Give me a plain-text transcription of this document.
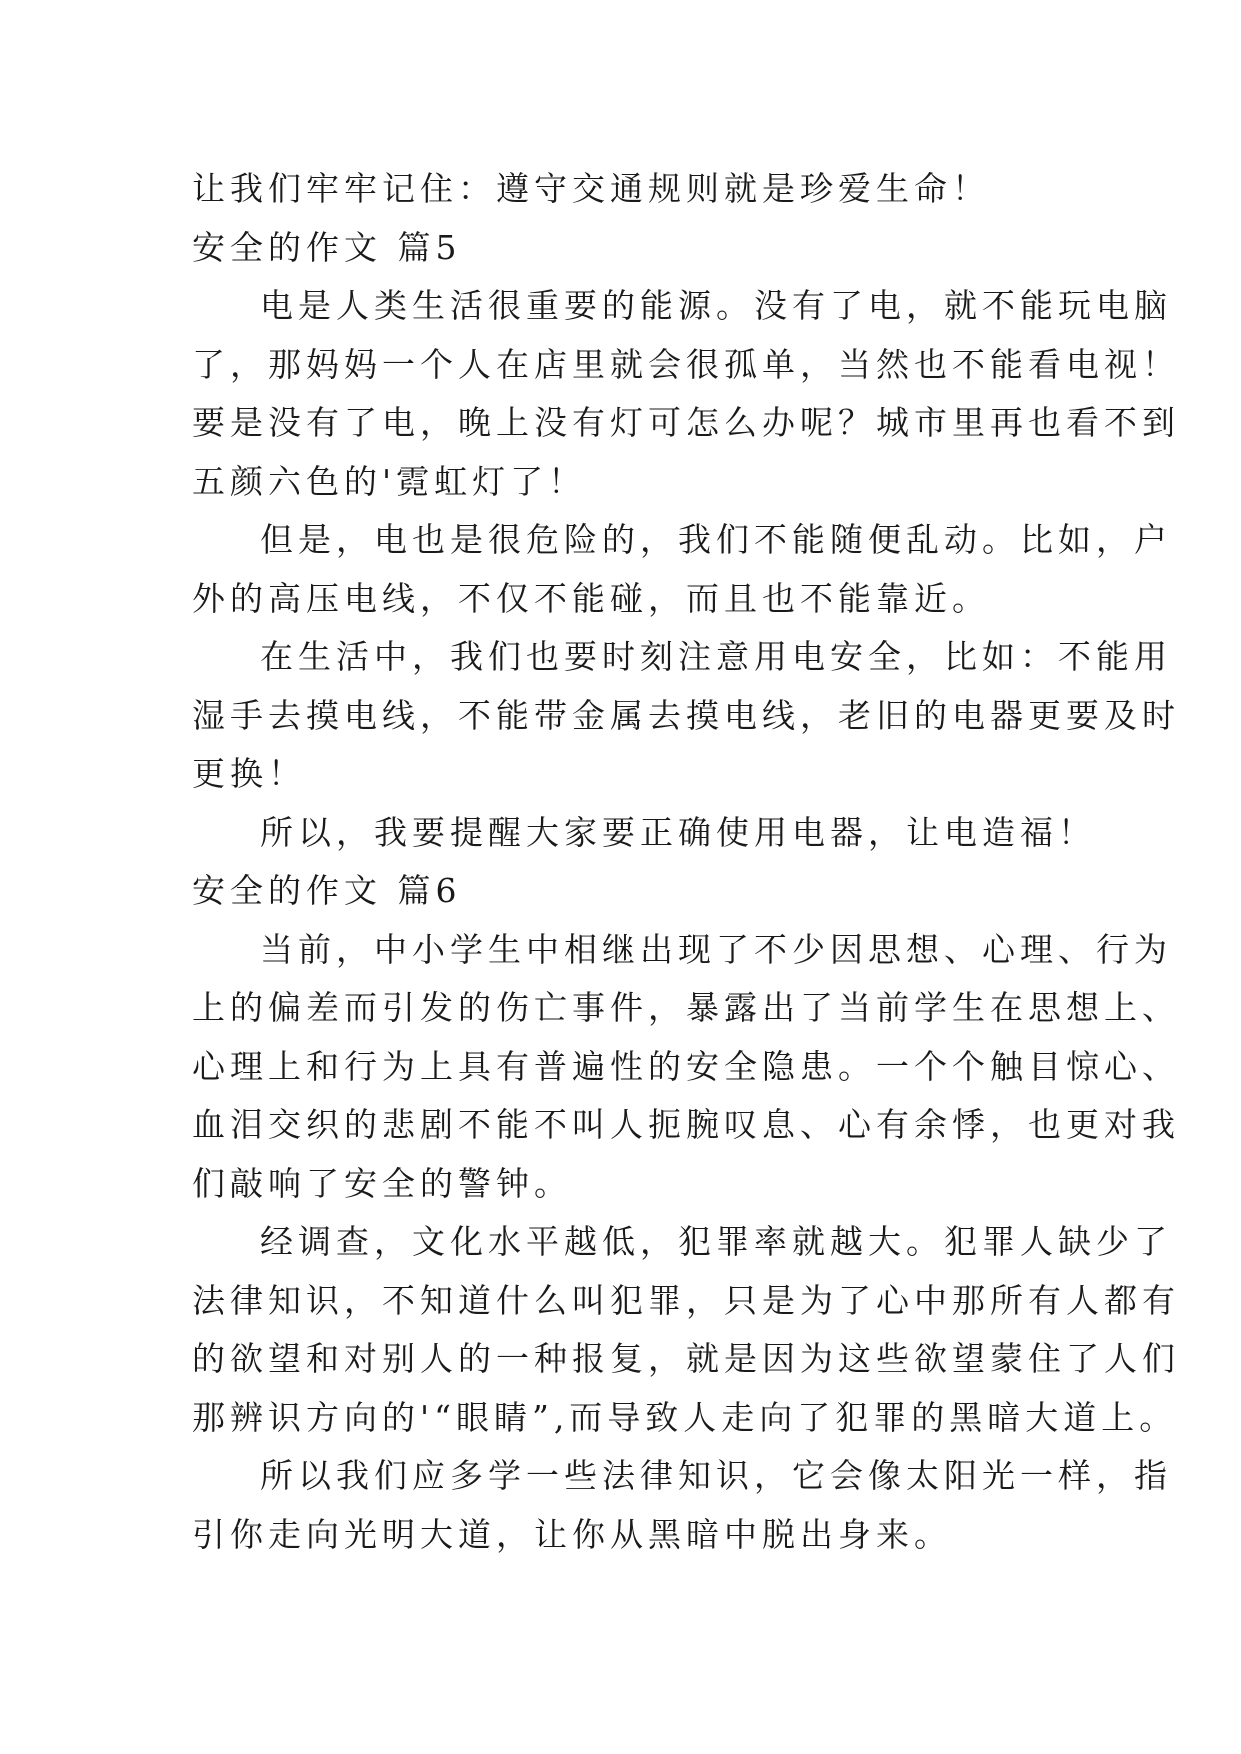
让我们牢牢记住：遵守交通规则就是珍爱生命！
安全的作文 篇5
电是人类生活很重要的能源。没有了电，就不能玩电脑
了，那妈妈一个人在店里就会很孤单，当然也不能看电视！
要是没有了电，晚上没有灯可怎么办呢？城市里再也看不到
五颜六色的'霓虹灯了！
但是，电也是很危险的，我们不能随便乱动。比如，户
外的高压电线，不仅不能碰，而且也不能靠近。
在生活中，我们也要时刻注意用电安全，比如：不能用
湿手去摸电线，不能带金属去摸电线，老旧的电器更要及时
更换！
所以，我要提醒大家要正确使用电器，让电造福！
安全的作文 篇6
当前，中小学生中相继出现了不少因思想、心理、行为
上的偏差而引发的伤亡事件，暴露出了当前学生在思想上、
心理上和行为上具有普遍性的安全隐患。一个个触目惊心、
血泪交织的悲剧不能不叫人扼腕叹息、心有余悸，也更对我
们敲响了安全的警钟。
经调查，文化水平越低，犯罪率就越大。犯罪人缺少了
法律知识，不知道什么叫犯罪，只是为了心中那所有人都有
的欲望和对别人的一种报复，就是因为这些欲望蒙住了人们
那辨识方向的'“眼睛”,而导致人走向了犯罪的黑暗大道上。
所以我们应多学一些法律知识，它会像太阳光一样，指
引你走向光明大道，让你从黑暗中脱出身来。
